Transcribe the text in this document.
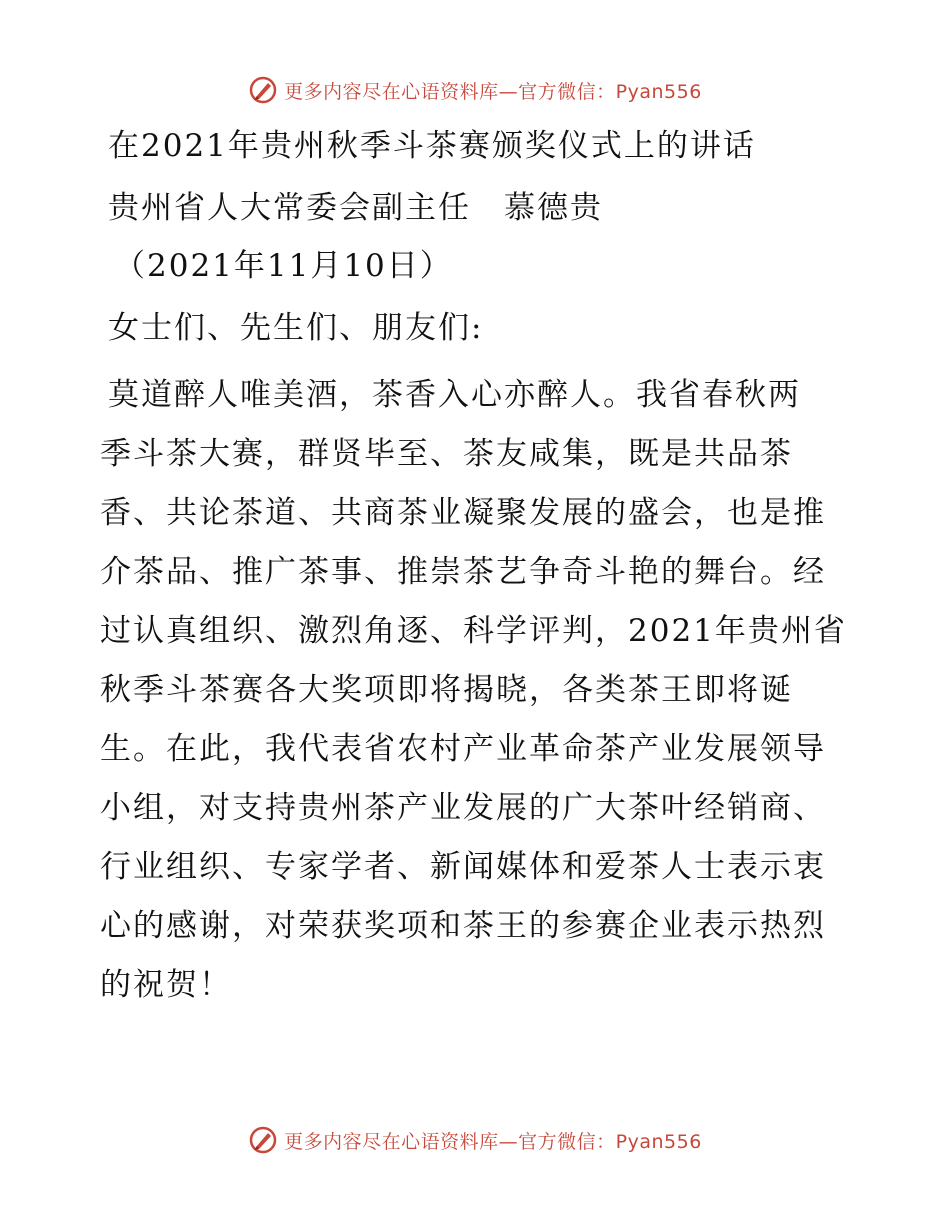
更多内容尽在心语资料库—官方微信：Pyan556

在2021年贵州秋季斗茶赛颁奖仪式上的讲话

贵州省人大常委会副主任　慕德贵

（2021年11月10日）

女士们、先生们、朋友们:

莫道醉人唯美酒，茶香入心亦醉人。我省春秋两
季斗茶大赛，群贤毕至、茶友咸集，既是共品茶
香、共论茶道、共商茶业凝聚发展的盛会，也是推
介茶品、推广茶事、推崇茶艺争奇斗艳的舞台。经
过认真组织、激烈角逐、科学评判，2021年贵州省
秋季斗茶赛各大奖项即将揭晓，各类茶王即将诞
生。在此，我代表省农村产业革命茶产业发展领导
小组，对支持贵州茶产业发展的广大茶叶经销商、
行业组织、专家学者、新闻媒体和爱茶人士表示衷
心的感谢，对荣获奖项和茶王的参赛企业表示热烈
的祝贺！
更多内容尽在心语资料库—官方微信：Pyan556
